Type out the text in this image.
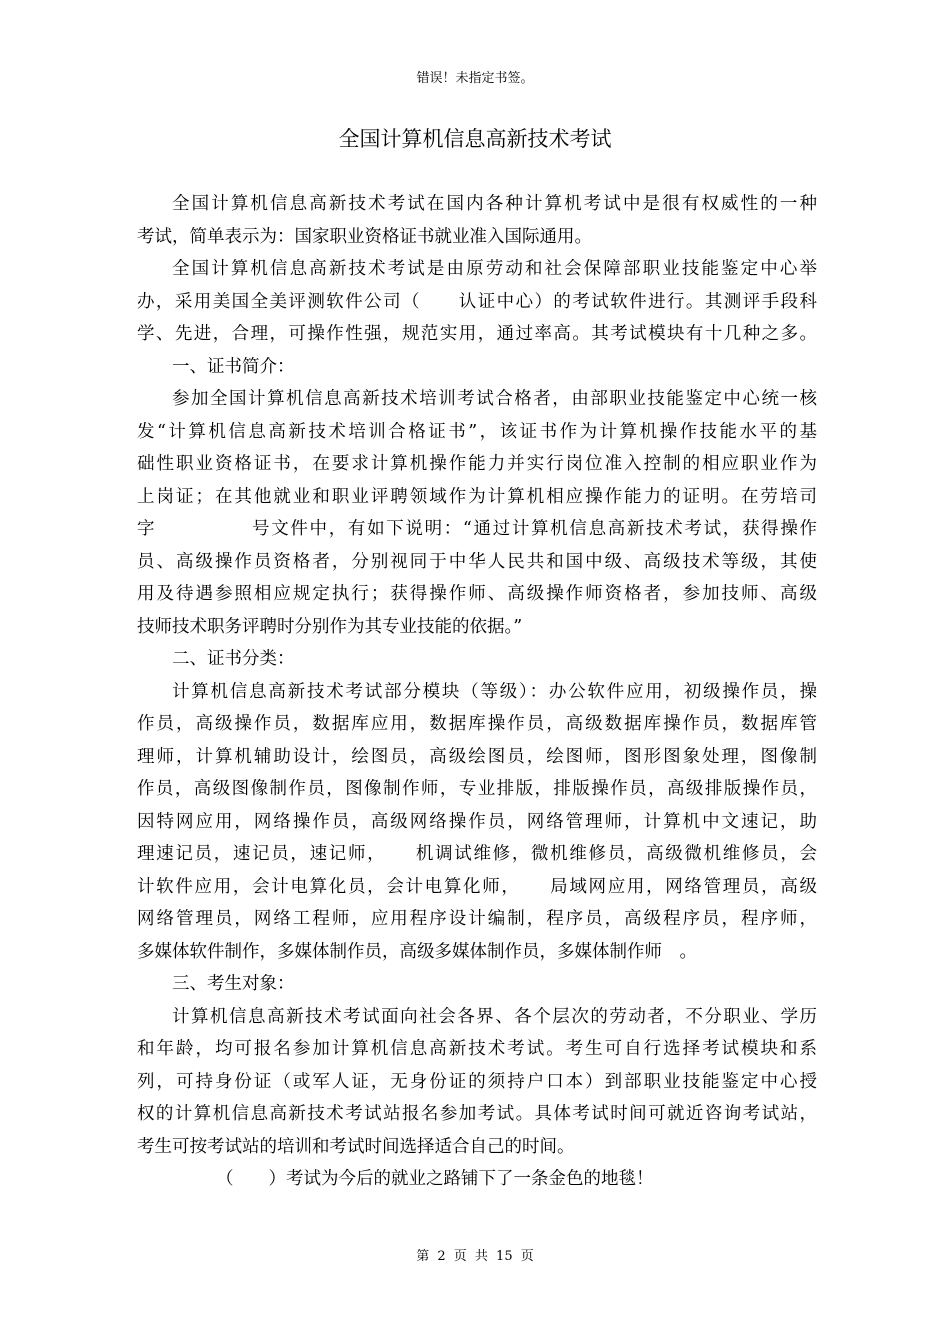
错误！未指定书签。
全国计算机信息高新技术考试
全国计算机信息高新技术考试在国内各种计算机考试中是很有权威性的一种
考试，简单表示为：国家职业资格证书就业准入国际通用。
全国计算机信息高新技术考试是由原劳动和社会保障部职业技能鉴定中心举
办，采用美国全美评测软件公司（　　认证中心）的考试软件进行。其测评手段科
学、先进，合理，可操作性强，规范实用，通过率高。其考试模块有十几种之多。
一、证书简介：
参加全国计算机信息高新技术培训考试合格者，由部职业技能鉴定中心统一核
发“计算机信息高新技术培训合格证书”，该证书作为计算机操作技能水平的基
础性职业资格证书，在要求计算机操作能力并实行岗位准入控制的相应职业作为
上岗证；在其他就业和职业评聘领域作为计算机相应操作能力的证明。在劳培司
字　　　　　号文件中，有如下说明：“通过计算机信息高新技术考试，获得操作
员、高级操作员资格者，分别视同于中华人民共和国中级、高级技术等级，其使
用及待遇参照相应规定执行；获得操作师、高级操作师资格者，参加技师、高级
技师技术职务评聘时分别作为其专业技能的依据。”
二、证书分类：
计算机信息高新技术考试部分模块（等级）：办公软件应用，初级操作员，操
作员，高级操作员，数据库应用，数据库操作员，高级数据库操作员，数据库管
理师，计算机辅助设计，绘图员，高级绘图员，绘图师，图形图象处理，图像制
作员，高级图像制作员，图像制作师，专业排版，排版操作员，高级排版操作员，
因特网应用，网络操作员，高级网络操作员，网络管理师，计算机中文速记，助
理速记员，速记员，速记师，　　机调试维修，微机维修员，高级微机维修员，会
计软件应用，会计电算化员，会计电算化师，　　局域网应用，网络管理员，高级
网络管理员，网络工程师，应用程序设计编制，程序员，高级程序员，程序师，
多媒体软件制作，多媒体制作员，高级多媒体制作员，多媒体制作师　。
三、考生对象：
计算机信息高新技术考试面向社会各界、各个层次的劳动者，不分职业、学历
和年龄，均可报名参加计算机信息高新技术考试。考生可自行选择考试模块和系
列，可持身份证（或军人证，无身份证的须持户口本）到部职业技能鉴定中心授
权的计算机信息高新技术考试站报名参加考试。具体考试时间可就近咨询考试站，
考生可按考试站的培训和考试时间选择适合自己的时间。
（　　）考试为今后的就业之路铺下了一条金色的地毯！
第 2 页 共 15 页
